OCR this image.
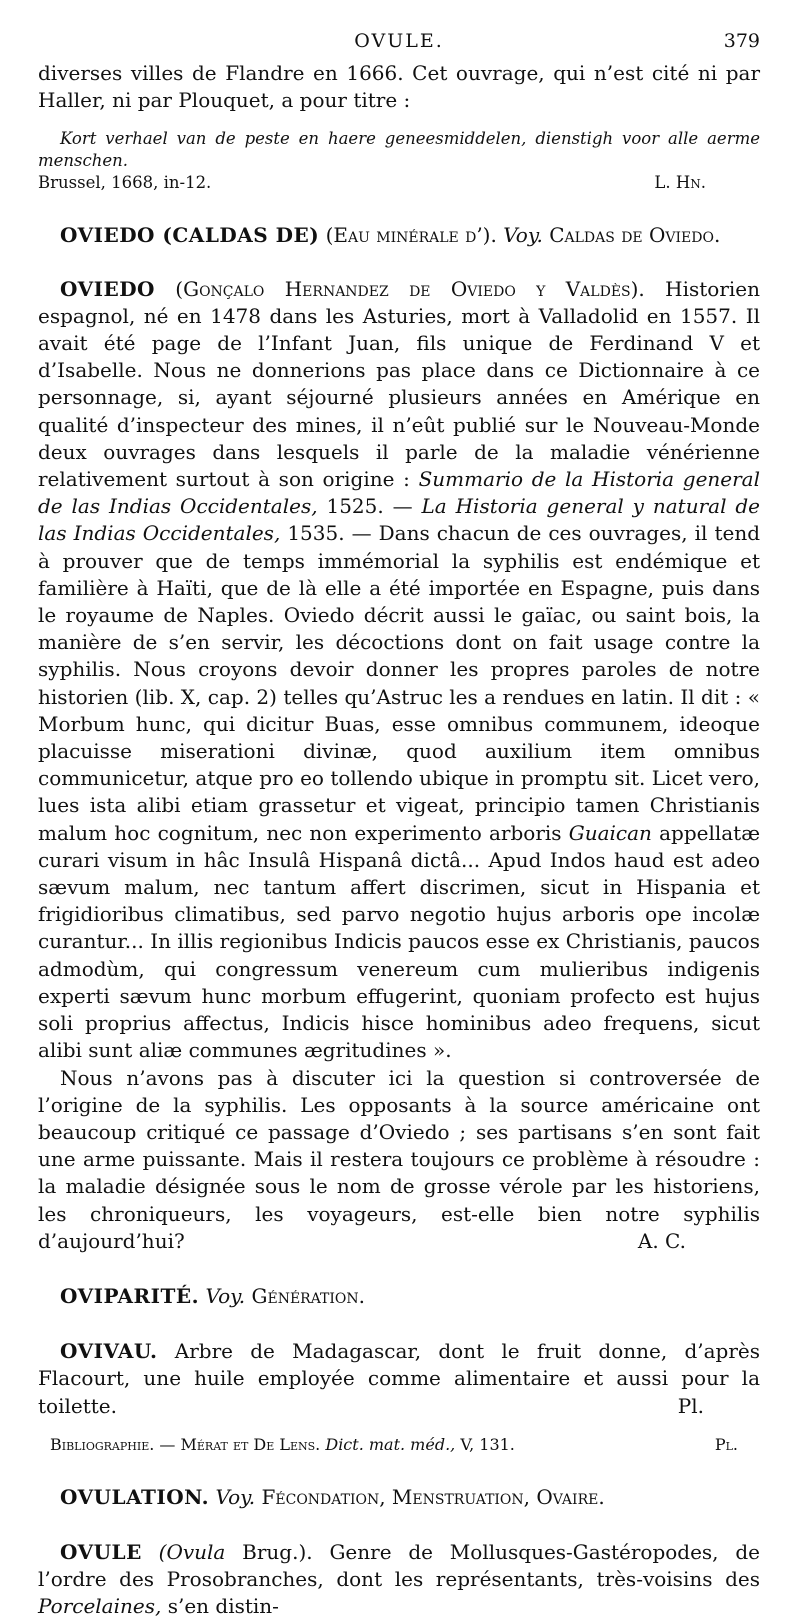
OVULE.	379

diverses villes de Flandre en 1666. Cet ouvrage, qui n’est cité ni par Haller, ni par Plouquet, a pour titre :

Kort verhael van de peste en haere geneesmiddelen, dienstigh voor alle aerme menschen.

Brussel, 1668, in-12.	L. Hn.

OVIEDO (CALDAS DE) (Eau minérale d’). Voy. Caldas de Oviedo.

OVIEDO (Gonçalo Hernandez de Oviedo y Valdès). Historien espagnol, né en 1478 dans les Asturies, mort à Valladolid en 1557. Il avait été page de l’Infant Juan, fils unique de Ferdinand V et d’Isabelle. Nous ne donnerions pas place dans ce Dictionnaire à ce personnage, si, ayant séjourné plusieurs années en Amérique en qualité d’inspecteur des mines, il n’eût publié sur le Nouveau-Monde deux ouvrages dans lesquels il parle de la maladie vénérienne relativement surtout à son origine : Summario de la Historia general de las Indias Occidentales, 1525. — La Historia general y natural de las Indias Occidentales, 1535. — Dans chacun de ces ouvrages, il tend à prouver que de temps immémorial la syphilis est endémique et familière à Haïti, que de là elle a été importée en Espagne, puis dans le royaume de Naples. Oviedo décrit aussi le gaïac, ou saint bois, la manière de s’en servir, les décoctions dont on fait usage contre la syphilis. Nous croyons devoir donner les propres paroles de notre historien (lib. X, cap. 2) telles qu’Astruc les a rendues en latin. Il dit : « Morbum hunc, qui dicitur Buas, esse omnibus communem, ideoque placuisse miserationi divinæ, quod auxilium item omnibus communicetur, atque pro eo tollendo ubique in promptu sit. Licet vero, lues ista alibi etiam grassetur et vigeat, principio tamen Christianis malum hoc cognitum, nec non experimento arboris Guaican appellatæ curari visum in hâc Insulâ Hispanâ dictâ... Apud Indos haud est adeo sævum malum, nec tantum affert discrimen, sicut in Hispania et frigidioribus climatibus, sed parvo negotio hujus arboris ope incolæ curantur... In illis regionibus Indicis paucos esse ex Christianis, paucos admodùm, qui congressum venereum cum mulieribus indigenis experti sævum hunc morbum effugerint, quoniam profecto est hujus soli proprius affectus, Indicis hisce hominibus adeo frequens, sicut alibi sunt aliæ communes ægritudines ».

Nous n’avons pas à discuter ici la question si controversée de l’origine de la syphilis. Les opposants à la source américaine ont beaucoup critiqué ce passage d’Oviedo ; ses partisans s’en sont fait une arme puissante. Mais il restera toujours ce problème à résoudre : la maladie désignée sous le nom de grosse vérole par les historiens, les chroniqueurs, les voyageurs, est-elle bien notre syphilis d’aujourd’hui?	A. C.

OVIPARITÉ. Voy. Génération.

OVIVAU. Arbre de Madagascar, dont le fruit donne, d’après Flacourt, une huile employée comme alimentaire et aussi pour la toilette.	Pl.

Bibliographie. — Mérat et De Lens. Dict. mat. méd., V, 131.	Pl.

OVULATION. Voy. Fécondation, Menstruation, Ovaire.

OVULE (Ovula Brug.). Genre de Mollusques-Gastéropodes, de l’ordre des Prosobranches, dont les représentants, très-voisins des Porcelaines, s’en distin-
